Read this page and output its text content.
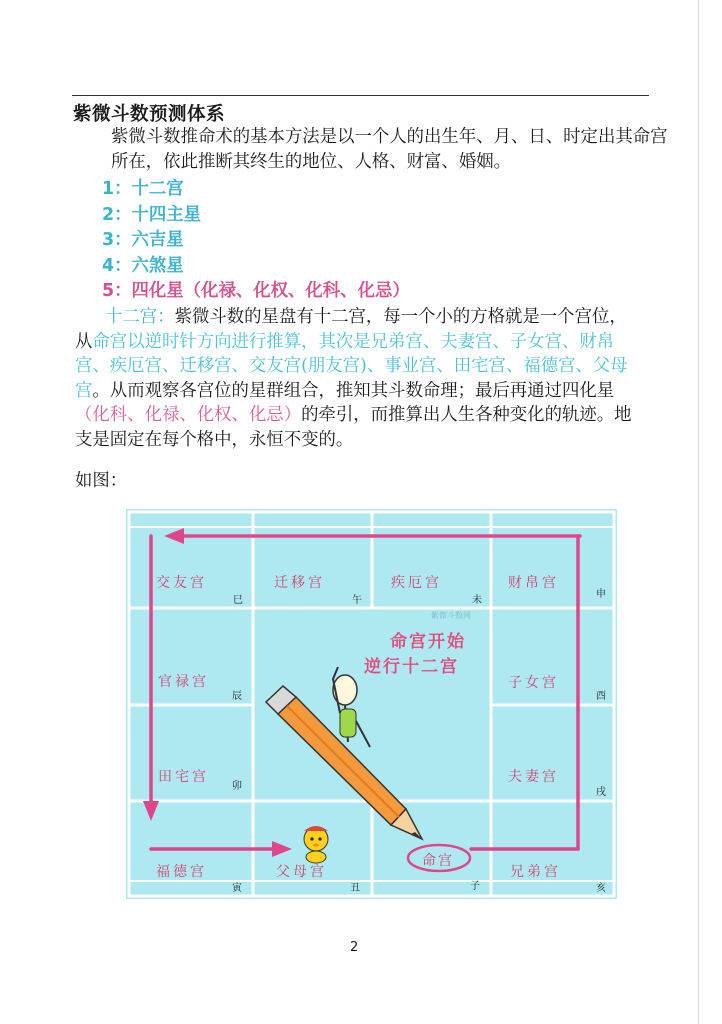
紫微斗数预测体系
紫微斗数推命术的基本方法是以一个人的出生年、月、日、时定出其命宫所在，依此推断其终生的地位、人格、财富、婚姻。
1：十二宫
2：十四主星
3：六吉星
4：六煞星
5：四化星（化禄、化权、化科、化忌）
十二宫：紫微斗数的星盘有十二宫，每一个小的方格就是一个宫位，从命宫以逆时针方向进行推算，其次是兄弟宫、夫妻宫、子女宫、财帛宫、疾厄宫、迁移宫、交友宫(朋友宫)、事业宫、田宅宫、福德宫、父母宫。从而观察各宫位的星群组合，推知其斗数命理；最后再通过四化星（化科、化禄、化权、化忌）的牵引，而推算出人生各种变化的轨迹。地支是固定在每个格中，永恒不变的。
如图：
交友宫
巳
迁移宫
午
疾厄宫
未
财帛宫
申
官禄宫
辰
田宅宫
卯
子女宫
酉
夫妻宫
戌
福德宫
寅
父母宫
丑
命宫
子
兄弟宫
亥
命宫开始
逆行十二宫
紫微斗数网
2
